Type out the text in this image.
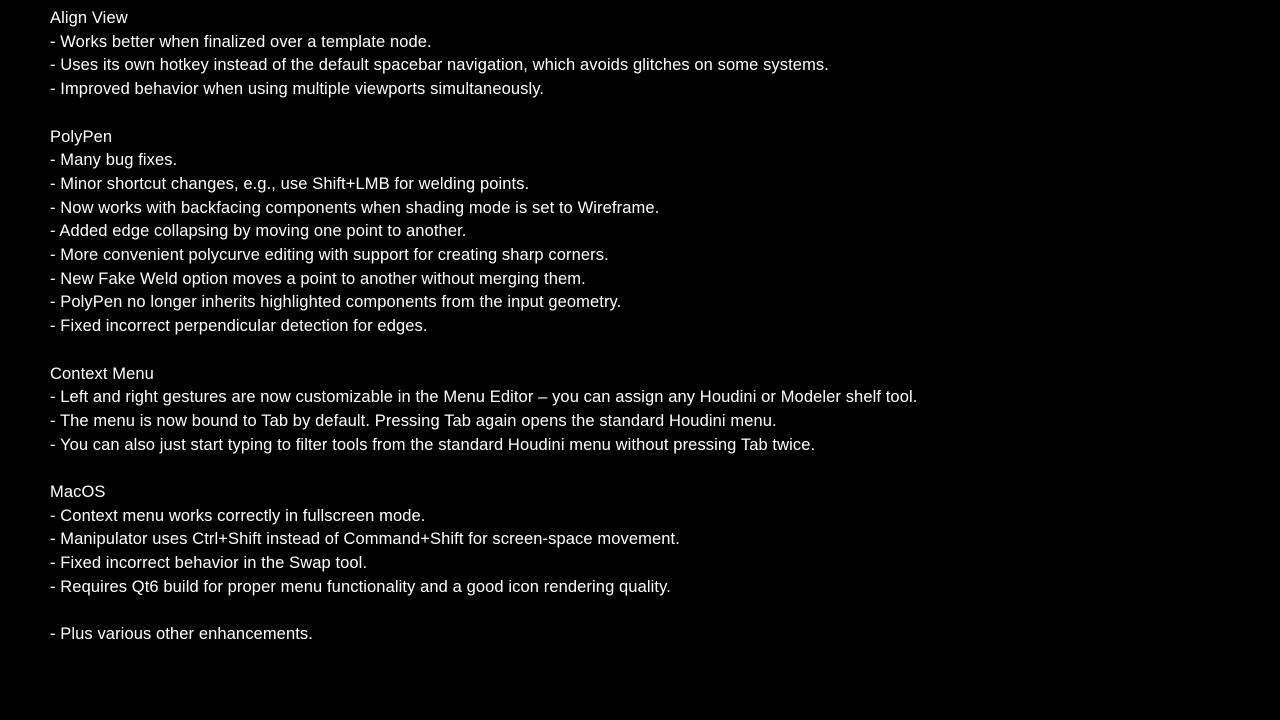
Align View
- Works better when finalized over a template node.
- Uses its own hotkey instead of the default spacebar navigation, which avoids glitches on some systems.
- Improved behavior when using multiple viewports simultaneously.
PolyPen
- Many bug fixes.
- Minor shortcut changes, e.g., use Shift+LMB for welding points.
- Now works with backfacing components when shading mode is set to Wireframe.
- Added edge collapsing by moving one point to another.
- More convenient polycurve editing with support for creating sharp corners.
- New Fake Weld option moves a point to another without merging them.
- PolyPen no longer inherits highlighted components from the input geometry.
- Fixed incorrect perpendicular detection for edges.
Context Menu
- Left and right gestures are now customizable in the Menu Editor – you can assign any Houdini or Modeler shelf tool.
- The menu is now bound to Tab by default. Pressing Tab again opens the standard Houdini menu.
- You can also just start typing to filter tools from the standard Houdini menu without pressing Tab twice.
MacOS
- Context menu works correctly in fullscreen mode.
- Manipulator uses Ctrl+Shift instead of Command+Shift for screen-space movement.
- Fixed incorrect behavior in the Swap tool.
- Requires Qt6 build for proper menu functionality and a good icon rendering quality.
- Plus various other enhancements.
